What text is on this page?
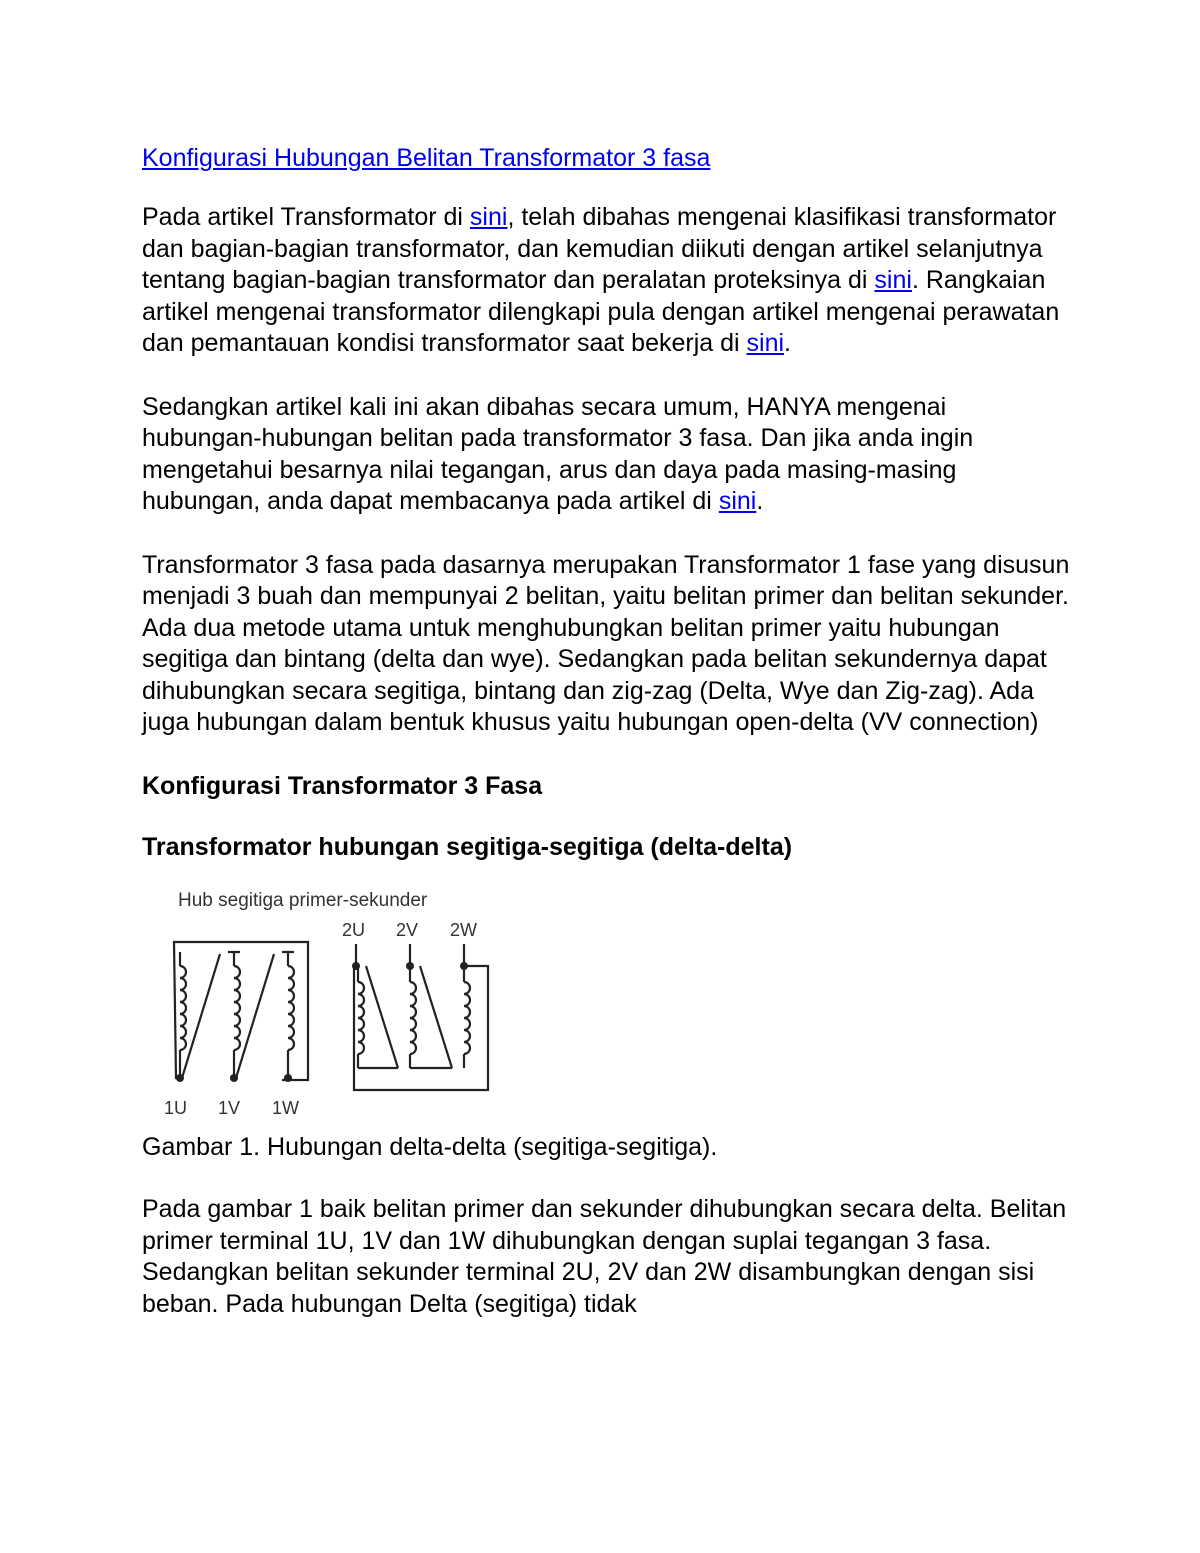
Konfigurasi Hubungan Belitan Transformator 3 fasa

Pada artikel Transformator di sini, telah dibahas mengenai klasifikasi transformator dan bagian-bagian transformator, dan kemudian diikuti dengan artikel selanjutnya tentang bagian-bagian transformator dan peralatan proteksinya di sini. Rangkaian artikel mengenai transformator dilengkapi pula dengan artikel mengenai perawatan dan pemantauan kondisi transformator saat bekerja di sini.

Sedangkan artikel kali ini akan dibahas secara umum, HANYA mengenai hubungan-hubungan belitan pada transformator 3 fasa. Dan jika anda ingin mengetahui besarnya nilai tegangan, arus dan daya pada masing-masing hubungan, anda dapat membacanya pada artikel di sini.

Transformator 3 fasa pada dasarnya merupakan Transformator 1 fase yang disusun menjadi 3 buah dan mempunyai 2 belitan, yaitu belitan primer dan belitan sekunder. Ada dua metode utama untuk menghubungkan belitan primer yaitu hubungan segitiga dan bintang (delta dan wye). Sedangkan pada belitan sekundernya dapat dihubungkan secara segitiga, bintang dan zig-zag (Delta, Wye dan Zig-zag). Ada juga hubungan dalam bentuk khusus yaitu hubungan open-delta (VV connection)

Konfigurasi Transformator 3 Fasa
Transformator hubungan segitiga-segitiga (delta-delta)
Hub segitiga primer-sekunder
1U 1V 1W
2U 2V 2W

Gambar 1. Hubungan delta-delta (segitiga-segitiga).

Pada gambar 1 baik belitan primer dan sekunder dihubungkan secara delta. Belitan primer terminal 1U, 1V dan 1W dihubungkan dengan suplai tegangan 3 fasa. Sedangkan belitan sekunder terminal 2U, 2V dan 2W disambungkan dengan sisi beban. Pada hubungan Delta (segitiga) tidak
